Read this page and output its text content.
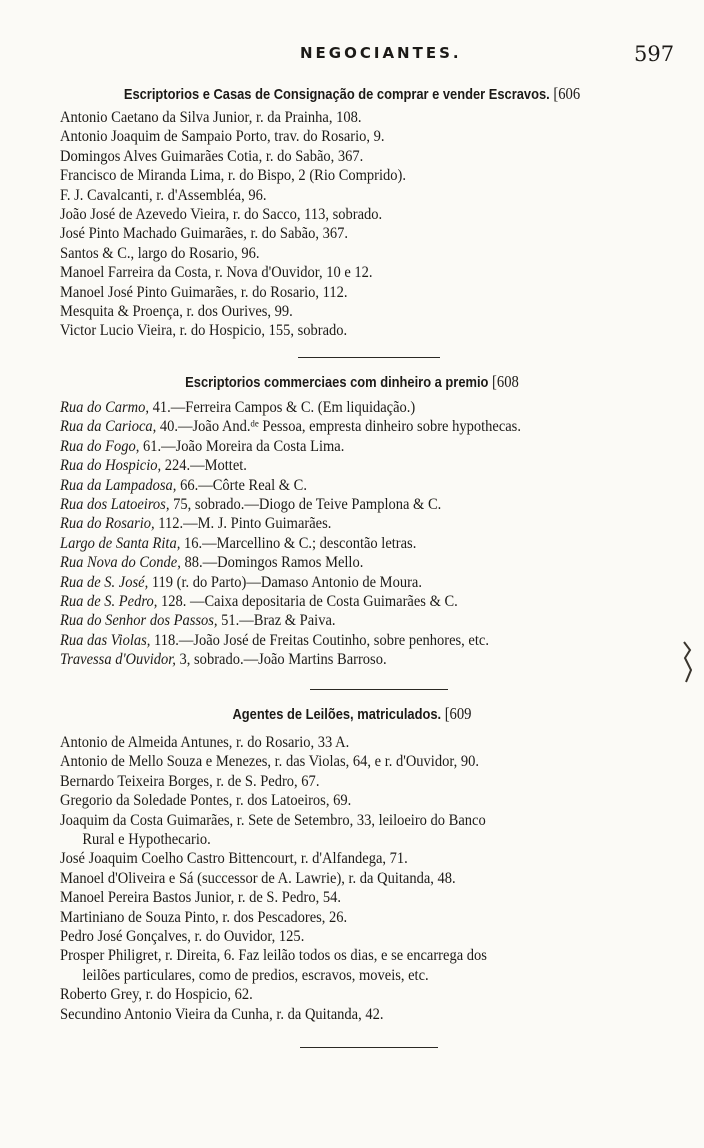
NEGOCIANTES.	597
Escriptorios e Casas de Consignação de comprar e vender Escravos. [606
Antonio Caetano da Silva Junior, r. da Prainha, 108.
Antonio Joaquim de Sampaio Porto, trav. do Rosario, 9.
Domingos Alves Guimarães Cotia, r. do Sabão, 367.
Francisco de Miranda Lima, r. do Bispo, 2 (Rio Comprido).
F. J. Cavalcanti, r. d'Assembléa, 96.
João José de Azevedo Vieira, r. do Sacco, 113, sobrado.
José Pinto Machado Guimarães, r. do Sabão, 367.
Santos & C., largo do Rosario, 96.
Manoel Farreira da Costa, r. Nova d'Ouvidor, 10 e 12.
Manoel José Pinto Guimarães, r. do Rosario, 112.
Mesquita & Proença, r. dos Ourives, 99.
Victor Lucio Vieira, r. do Hospicio, 155, sobrado.
Escriptorios commerciaes com dinheiro a premio [608
Rua do Carmo, 41.—Ferreira Campos & C. (Em liquidação.)
Rua da Carioca, 40.—João And.ᵈᵉ Pessoa, empresta dinheiro sobre hypothecas.
Rua do Fogo, 61.—João Moreira da Costa Lima.
Rua do Hospicio, 224.—Mottet.
Rua da Lampadosa, 66.—Côrte Real & C.
Rua dos Latoeiros, 75, sobrado.—Diogo de Teive Pamplona & C.
Rua do Rosario, 112.—M. J. Pinto Guimarães.
Largo de Santa Rita, 16.—Marcellino & C.; descontão letras.
Rua Nova do Conde, 88.—Domingos Ramos Mello.
Rua de S. José, 119 (r. do Parto)—Damaso Antonio de Moura.
Rua de S. Pedro, 128. —Caixa depositaria de Costa Guimarães & C.
Rua do Senhor dos Passos, 51.—Braz & Paiva.
Rua das Violas, 118.—João José de Freitas Coutinho, sobre penhores, etc.
Travessa d'Ouvidor, 3, sobrado.—João Martins Barroso.
Agentes de Leilões, matriculados. [609
Antonio de Almeida Antunes, r. do Rosario, 33 A.
Antonio de Mello Souza e Menezes, r. das Violas, 64, e r. d'Ouvidor, 90.
Bernardo Teixeira Borges, r. de S. Pedro, 67.
Gregorio da Soledade Pontes, r. dos Latoeiros, 69.
Joaquim da Costa Guimarães, r. Sete de Setembro, 33, leiloeiro do Banco
Rural e Hypothecario.
José Joaquim Coelho Castro Bittencourt, r. d'Alfandega, 71.
Manoel d'Oliveira e Sá (successor de A. Lawrie), r. da Quitanda, 48.
Manoel Pereira Bastos Junior, r. de S. Pedro, 54.
Martiniano de Souza Pinto, r. dos Pescadores, 26.
Pedro José Gonçalves, r. do Ouvidor, 125.
Prosper Philigret, r. Direita, 6. Faz leilão todos os dias, e se encarrega dos
leilões particulares, como de predios, escravos, moveis, etc.
Roberto Grey, r. do Hospicio, 62.
Secundino Antonio Vieira da Cunha, r. da Quitanda, 42.
